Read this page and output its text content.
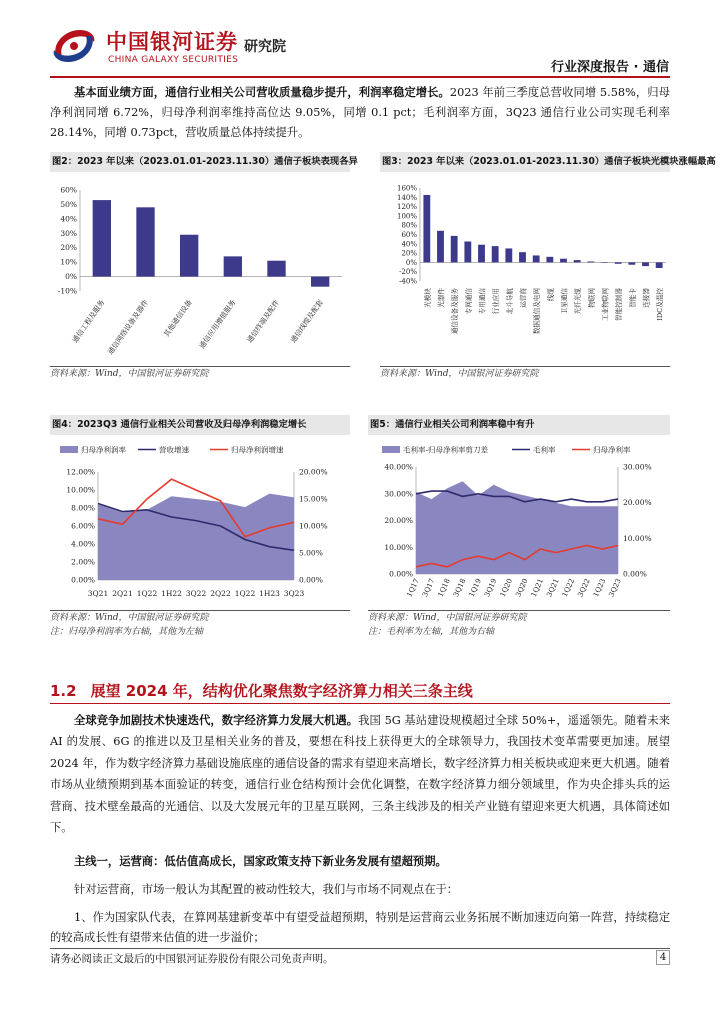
中国银河证券
CHINA GALAXY SECURITIES
研究院
行业深度报告 · 通信
基本面业绩方面，通信行业相关公司营收质量稳步提升，利润率稳定增长。2023 年前三季度总营收同增 5.58%，归母净利润同增 6.72%，归母净利润率维持高位达 9.05%，同增 0.1 pct；毛利润率方面，3Q23 通信行业公司实现毛利率 28.14%，同增 0.73pct，营收质量总体持续提升。
图2：2023 年以来（2023.01.01-2023.11.30）通信子板块表现各异
-10%
0%
10%
20%
30%
40%
50%
60%
通信工程及服务 通信网络设备及器件 其他通信设备 通信应用增值服务 通信终端及配件 通信线缆及配套
资料来源：Wind，中国银河证券研究院
图3：2023 年以来（2023.01.01-2023.11.30）通信子板块光模块涨幅最高
-40%
-20%
0%
20%
40%
60%
80%
100%
120%
140%
160%
光模块 光器件 通信设备及服务 专网通信 专用通信 行业应用 北斗导航 运营商 数据通信及电网 线缆 卫星通信 光纤光缆 物联网 工业物联网 智能控制器 智能卡 连接器 IDC及温控
资料来源：Wind，中国银河证券研究院
图4：2023Q3 通信行业相关公司营收及归母净利润稳定增长
归母净利润率	营收增速	归母净利润增速
0.00%
2.00%
4.00%
6.00%
8.00%
10.00%
12.00%
0.00%
5.00%
10.00%
15.00%
20.00%
3Q21 2Q21 1Q22 1H22 3Q22 2Q22 1Q22 1H23 3Q23
资料来源：Wind，中国银河证券研究院
注：归母净利润率为右轴，其他为左轴
图5：通信行业相关公司利润率稳中有升
毛利率-归母净利率剪刀差	毛利率	归母净利率
0.00%
10.00%
20.00%
30.00%
40.00%
0.00%
10.00%
20.00%
30.00%
1Q17 3Q17 1Q18 3Q18 1Q19 3Q19 1Q20 3Q20 1Q21 3Q21 1Q22 3Q22 1Q23 3Q23
资料来源：Wind，中国银河证券研究院
注：毛利率为左轴，其他为右轴
1.2 展望 2024 年，结构优化聚焦数字经济算力相关三条主线
全球竞争加剧技术快速迭代，数字经济算力发展大机遇。我国 5G 基站建设规模超过全球 50%+，遥遥领先。随着未来 AI 的发展、6G 的推进以及卫星相关业务的普及，要想在科技上获得更大的全球领导力，我国技术变革需要更加速。展望 2024 年，作为数字经济算力基础设施底座的通信设备的需求有望迎来高增长，数字经济算力相关板块或迎来更大机遇。随着市场从业绩预期到基本面验证的转变，通信行业仓结构预计会优化调整，在数字经济算力细分领域里，作为央企排头兵的运营商、技术壁垒最高的光通信、以及大发展元年的卫星互联网，三条主线涉及的相关产业链有望迎来更大机遇，具体简述如下。
主线一，运营商：低估值高成长，国家政策支持下新业务发展有望超预期。
针对运营商，市场一般认为其配置的被动性较大，我们与市场不同观点在于：
1、作为国家队代表，在算网基建新变革中有望受益超预期，特别是运营商云业务拓展不断加速迈向第一阵营，持续稳定的较高成长性有望带来估值的进一步溢价；
请务必阅读正文最后的中国银河证券股份有限公司免责声明。	4
